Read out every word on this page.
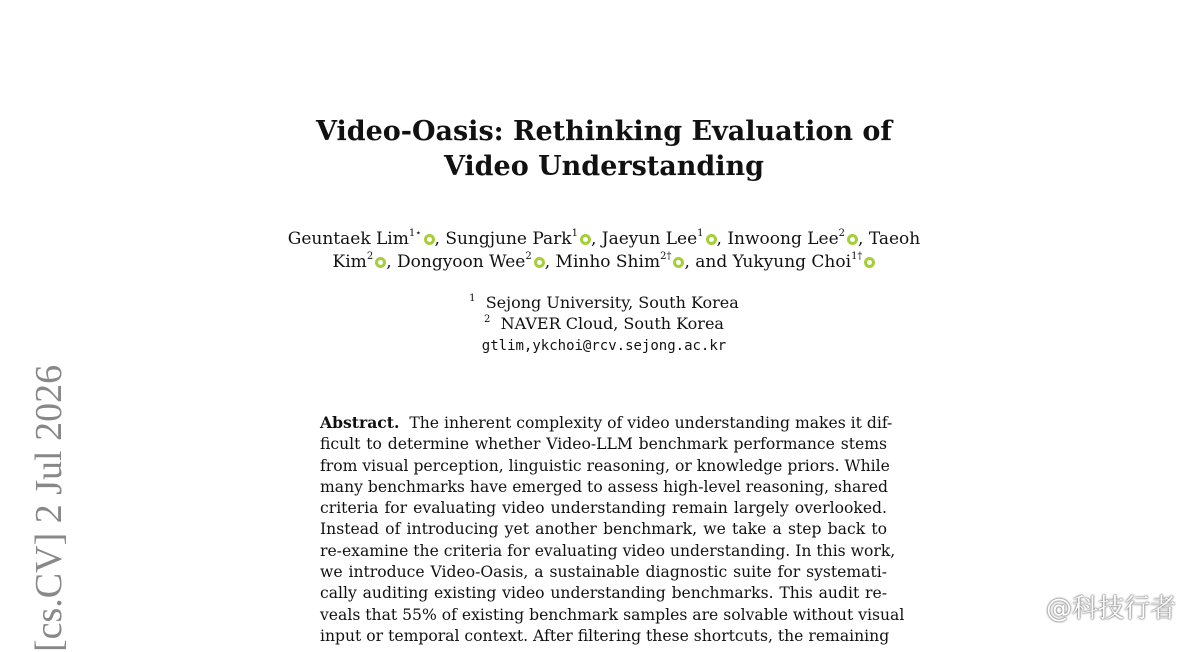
Video-Oasis: Rethinking Evaluation of
Video Understanding
Geuntaek Lim$^{1⋆}$ , Sungjune Park$^1$ , Jaeyun Lee$^1$ , Inwoong Lee$^2$ , Taeoh
Kim$^2$ , Dongyoon Wee$^2$ , Minho Shim$^{2\dagger}$ , and Yukyung Choi$^{1\dagger}$
$^1$ Sejong University, South Korea
$^2$ NAVER Cloud, South Korea
gtlim,ykchoi@rcv.sejong.ac.kr
Abstract. The inherent complexity of video understanding makes it dif-
ficult to determine whether Video-LLM benchmark performance stems
from visual perception, linguistic reasoning, or knowledge priors. While
many benchmarks have emerged to assess high-level reasoning, shared
criteria for evaluating video understanding remain largely overlooked.
Instead of introducing yet another benchmark, we take a step back to
re-examine the criteria for evaluating video understanding. In this work,
we introduce Video-Oasis, a sustainable diagnostic suite for systemati-
cally auditing existing video understanding benchmarks. This audit re-
veals that 55% of existing benchmark samples are solvable without visual
input or temporal context. After filtering these shortcuts, the remaining
[cs.CV] 2 Jul 2026	@科技行者
